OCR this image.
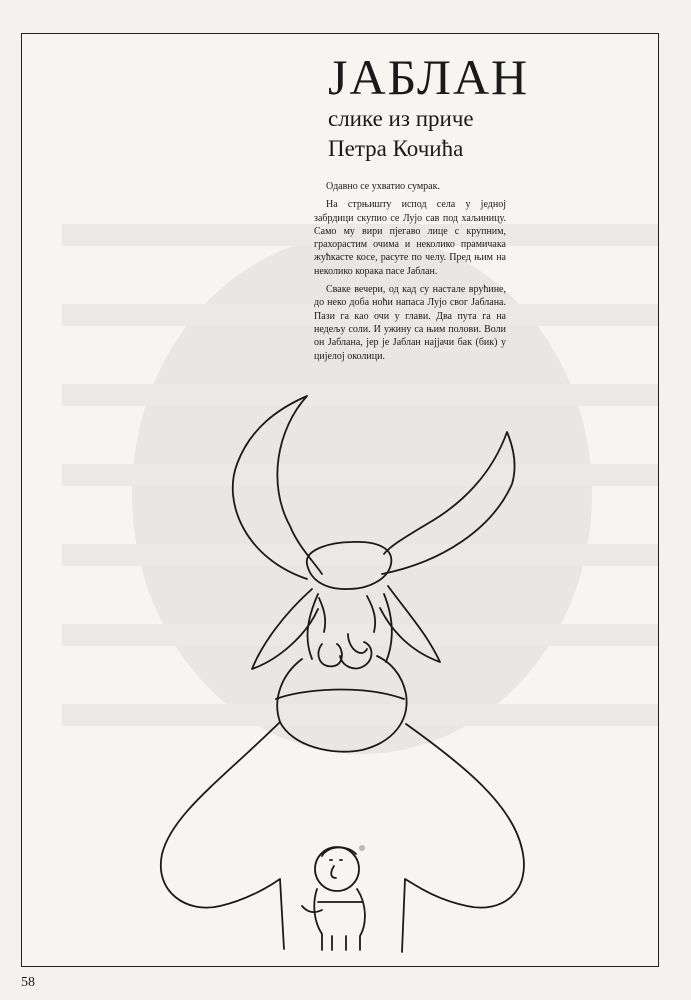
ЈАБЛАН
слике из приче
Петра Кочића

Одавно се ухватио сумрак.

На стрњишту испод села у једној забрдици скупио се Лујо сав под хаљиницу. Само му вири пјегаво лице с крупним, грахорастим очима и неколико прамичака жућкасте косе, расуте по челу. Пред њим на неколико корака пасе Јаблан.

Сваке вечери, од кад су настале врућине, до неко доба ноћи напаса Лујо свог Јаблана. Пази га као очи у глави. Два пута га на недељу соли. И ужину са њим полови. Воли он Јаблана, јер је Јаблан најјачи бак (бик) у цијелој околици.

58
